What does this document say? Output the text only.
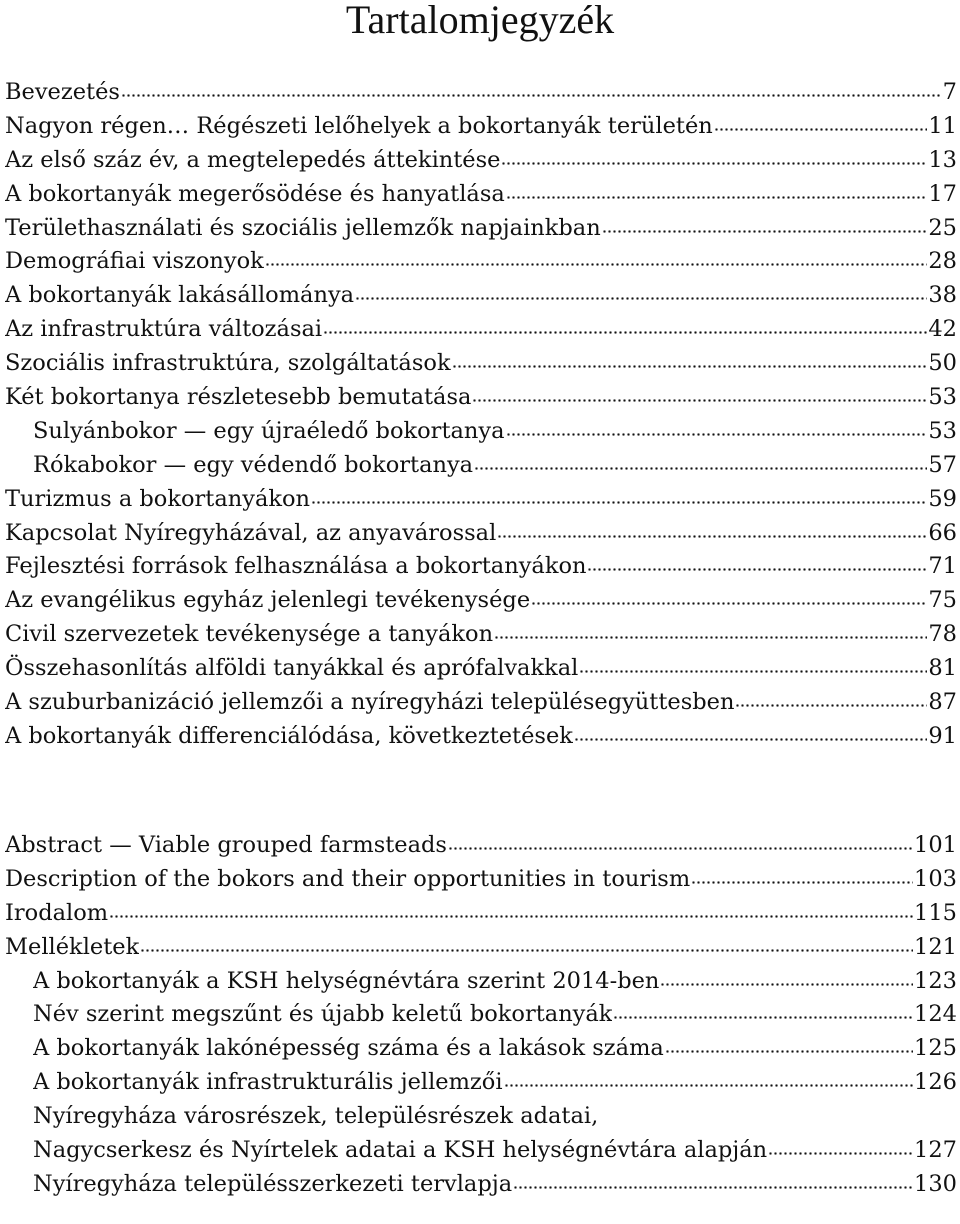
Tartalomjegyzék
Bevezetés	7
Nagyon régen… Régészeti lelőhelyek a bokortanyák területén	11
Az első száz év, a megtelepedés áttekintése	13
A bokortanyák megerősödése és hanyatlása	17
Területhasználati és szociális jellemzők napjainkban	25
Demográfiai viszonyok	28
A bokortanyák lakásállománya	38
Az infrastruktúra változásai	42
Szociális infrastruktúra, szolgáltatások	50
Két bokortanya részletesebb bemutatása	53
Sulyánbokor — egy újraéledő bokortanya	53
Rókabokor — egy védendő bokortanya	57
Turizmus a bokortanyákon	59
Kapcsolat Nyíregyházával, az anyavárossal	66
Fejlesztési források felhasználása a bokortanyákon	71
Az evangélikus egyház jelenlegi tevékenysége	75
Civil szervezetek tevékenysége a tanyákon	78
Összehasonlítás alföldi tanyákkal és aprófalvakkal	81
A szuburbanizáció jellemzői a nyíregyházi településegyüttesben	87
A bokortanyák differenciálódása, következtetések	91
Abstract — Viable grouped farmsteads	101
Description of the bokors and their opportunities in tourism	103
Irodalom	115
Mellékletek	121
A bokortanyák a KSH helységnévtára szerint 2014-ben	123
Név szerint megszűnt és újabb keletű bokortanyák	124
A bokortanyák lakónépesség száma és a lakások száma	125
A bokortanyák infrastrukturális jellemzői	126
Nyíregyháza városrészek, településrészek adatai,
Nagycserkesz és Nyírtelek adatai a KSH helységnévtára alapján	127
Nyíregyháza településszerkezeti tervlapja	130
